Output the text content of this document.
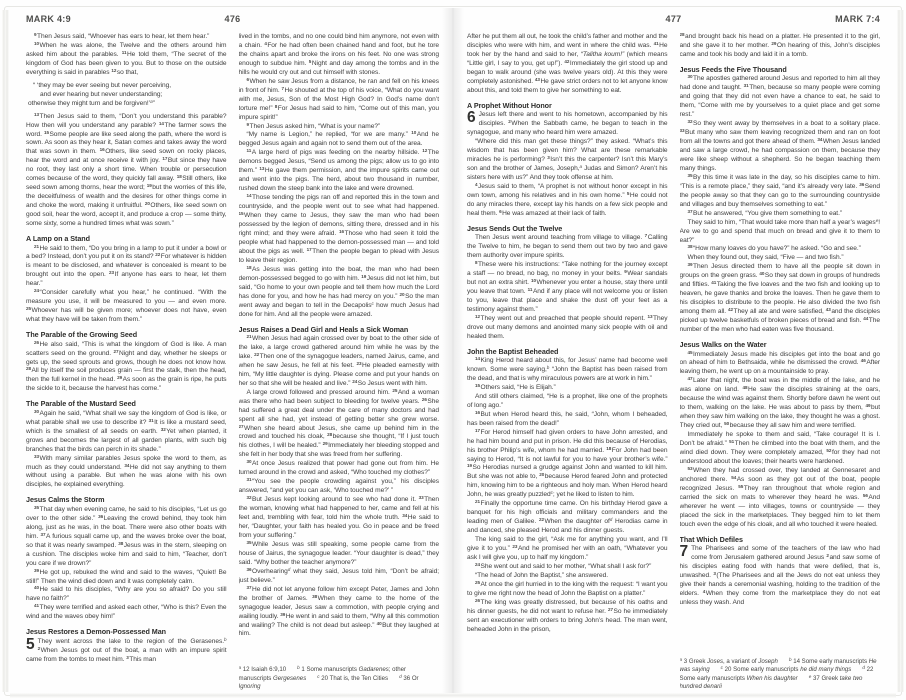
MARK 4:9	476

$^9$Then Jesus said, “Whoever has ears to hear, let them hear.”

$^{10}$When he was alone, the Twelve and the others around him asked him about the parables. $^{11}$He told them, “The secret of the kingdom of God has been given to you. But to those on the outside everything is said in parables $^{12}$so that,

“ ‘they may be ever seeing but never perceiving,
and ever hearing but never understanding;
otherwise they might turn and be forgiven!’$^a$”

$^{13}$Then Jesus said to them, “Don’t you understand this parable? How then will you understand any parable? $^{14}$The farmer sows the word. $^{15}$Some people are like seed along the path, where the word is sown. As soon as they hear it, Satan comes and takes away the word that was sown in them. $^{16}$Others, like seed sown on rocky places, hear the word and at once receive it with joy. $^{17}$But since they have no root, they last only a short time. When trouble or persecution comes because of the word, they quickly fall away. $^{18}$Still others, like seed sown among thorns, hear the word; $^{19}$but the worries of this life, the deceitfulness of wealth and the desires for other things come in and choke the word, making it unfruitful. $^{20}$Others, like seed sown on good soil, hear the word, accept it, and produce a crop — some thirty, some sixty, some a hundred times what was sown.”

A Lamp on a Stand

$^{21}$He said to them, “Do you bring in a lamp to put it under a bowl or a bed? Instead, don’t you put it on its stand? $^{22}$For whatever is hidden is meant to be disclosed, and whatever is concealed is meant to be brought out into the open. $^{23}$If anyone has ears to hear, let them hear.”

$^{24}$“Consider carefully what you hear,” he continued. “With the measure you use, it will be measured to you — and even more. $^{25}$Whoever has will be given more; whoever does not have, even what they have will be taken from them.”

The Parable of the Growing Seed

$^{26}$He also said, “This is what the kingdom of God is like. A man scatters seed on the ground. $^{27}$Night and day, whether he sleeps or gets up, the seed sprouts and grows, though he does not know how. $^{28}$All by itself the soil produces grain — first the stalk, then the head, then the full kernel in the head. $^{29}$As soon as the grain is ripe, he puts the sickle to it, because the harvest has come.”

The Parable of the Mustard Seed

$^{30}$Again he said, “What shall we say the kingdom of God is like, or what parable shall we use to describe it? $^{31}$It is like a mustard seed, which is the smallest of all seeds on earth. $^{32}$Yet when planted, it grows and becomes the largest of all garden plants, with such big branches that the birds can perch in its shade.”

$^{33}$With many similar parables Jesus spoke the word to them, as much as they could understand. $^{34}$He did not say anything to them without using a parable. But when he was alone with his own disciples, he explained everything.

Jesus Calms the Storm

$^{35}$That day when evening came, he said to his disciples, “Let us go over to the other side.” $^{36}$Leaving the crowd behind, they took him along, just as he was, in the boat. There were also other boats with him. $^{37}$A furious squall came up, and the waves broke over the boat, so that it was nearly swamped. $^{38}$Jesus was in the stern, sleeping on a cushion. The disciples woke him and said to him, “Teacher, don’t you care if we drown?”

$^{39}$He got up, rebuked the wind and said to the waves, “Quiet! Be still!” Then the wind died down and it was completely calm.

$^{40}$He said to his disciples, “Why are you so afraid? Do you still have no faith?”

$^{41}$They were terrified and asked each other, “Who is this? Even the wind and the waves obey him!”

Jesus Restores a Demon-Possessed Man

5 They went across the lake to the region of the Gerasenes.$^b$ $^2$When Jesus got out of the boat, a man with an impure spirit came from the tombs to meet him. $^3$This man

lived in the tombs, and no one could bind him anymore, not even with a chain. $^4$For he had often been chained hand and foot, but he tore the chains apart and broke the irons on his feet. No one was strong enough to subdue him. $^5$Night and day among the tombs and in the hills he would cry out and cut himself with stones.

$^6$When he saw Jesus from a distance, he ran and fell on his knees in front of him. $^7$He shouted at the top of his voice, “What do you want with me, Jesus, Son of the Most High God? In God’s name don’t torture me!” $^8$For Jesus had said to him, “Come out of this man, you impure spirit!”

$^9$Then Jesus asked him, “What is your name?”

“My name is Legion,” he replied, “for we are many.” $^{10}$And he begged Jesus again and again not to send them out of the area.

$^{11}$A large herd of pigs was feeding on the nearby hillside. $^{12}$The demons begged Jesus, “Send us among the pigs; allow us to go into them.” $^{13}$He gave them permission, and the impure spirits came out and went into the pigs. The herd, about two thousand in number, rushed down the steep bank into the lake and were drowned.

$^{14}$Those tending the pigs ran off and reported this in the town and countryside, and the people went out to see what had happened. $^{15}$When they came to Jesus, they saw the man who had been possessed by the legion of demons, sitting there, dressed and in his right mind; and they were afraid. $^{16}$Those who had seen it told the people what had happened to the demon-possessed man — and told about the pigs as well. $^{17}$Then the people began to plead with Jesus to leave their region.

$^{18}$As Jesus was getting into the boat, the man who had been demon-possessed begged to go with him. $^{19}$Jesus did not let him, but said, “Go home to your own people and tell them how much the Lord has done for you, and how he has had mercy on you.” $^{20}$So the man went away and began to tell in the Decapolis$^c$ how much Jesus had done for him. And all the people were amazed.

Jesus Raises a Dead Girl and Heals a Sick Woman

$^{21}$When Jesus had again crossed over by boat to the other side of the lake, a large crowd gathered around him while he was by the lake. $^{22}$Then one of the synagogue leaders, named Jairus, came, and when he saw Jesus, he fell at his feet. $^{23}$He pleaded earnestly with him, “My little daughter is dying. Please come and put your hands on her so that she will be healed and live.” $^{24}$So Jesus went with him.

A large crowd followed and pressed around him. $^{25}$And a woman was there who had been subject to bleeding for twelve years. $^{26}$She had suffered a great deal under the care of many doctors and had spent all she had, yet instead of getting better she grew worse. $^{27}$When she heard about Jesus, she came up behind him in the crowd and touched his cloak, $^{28}$because she thought, “If I just touch his clothes, I will be healed.” $^{29}$Immediately her bleeding stopped and she felt in her body that she was freed from her suffering.

$^{30}$At once Jesus realized that power had gone out from him. He turned around in the crowd and asked, “Who touched my clothes?”

$^{31}$“You see the people crowding against you,” his disciples answered, “and yet you can ask, ‘Who touched me?’ ”

$^{32}$But Jesus kept looking around to see who had done it. $^{33}$Then the woman, knowing what had happened to her, came and fell at his feet and, trembling with fear, told him the whole truth. $^{34}$He said to her, “Daughter, your faith has healed you. Go in peace and be freed from your suffering.”

$^{35}$While Jesus was still speaking, some people came from the house of Jairus, the synagogue leader. “Your daughter is dead,” they said. “Why bother the teacher anymore?”

$^{36}$Overhearing$^d$ what they said, Jesus told him, “Don’t be afraid; just believe.”

$^{37}$He did not let anyone follow him except Peter, James and John the brother of James. $^{38}$When they came to the home of the synagogue leader, Jesus saw a commotion, with people crying and wailing loudly. $^{39}$He went in and said to them, “Why all this commotion and wailing? The child is not dead but asleep.” $^{40}$But they laughed at him.

$^a$ 12 Isaiah 6:9,10 $^b$ 1 Some manuscripts Gadarenes; other manuscripts Gergesenes $^c$ 20 That is, the Ten Cities $^d$ 36 Or Ignoring
477	MARK 7:4

After he put them all out, he took the child’s father and mother and the disciples who were with him, and went in where the child was. $^{41}$He took her by the hand and said to her, “Talitha koum!” (which means “Little girl, I say to you, get up!”). $^{42}$Immediately the girl stood up and began to walk around (she was twelve years old). At this they were completely astonished. $^{43}$He gave strict orders not to let anyone know about this, and told them to give her something to eat.

A Prophet Without Honor

6 Jesus left there and went to his hometown, accompanied by his disciples. $^2$When the Sabbath came, he began to teach in the synagogue, and many who heard him were amazed.

“Where did this man get these things?” they asked. “What’s this wisdom that has been given him? What are these remarkable miracles he is performing? $^3$Isn’t this the carpenter? Isn’t this Mary’s son and the brother of James, Joseph,$^a$ Judas and Simon? Aren’t his sisters here with us?” And they took offense at him.

$^4$Jesus said to them, “A prophet is not without honor except in his own town, among his relatives and in his own home.” $^5$He could not do any miracles there, except lay his hands on a few sick people and heal them. $^6$He was amazed at their lack of faith.

Jesus Sends Out the Twelve

Then Jesus went around teaching from village to village. $^7$Calling the Twelve to him, he began to send them out two by two and gave them authority over impure spirits.

$^8$These were his instructions: “Take nothing for the journey except a staff — no bread, no bag, no money in your belts. $^9$Wear sandals but not an extra shirt. $^{10}$Whenever you enter a house, stay there until you leave that town. $^{11}$And if any place will not welcome you or listen to you, leave that place and shake the dust off your feet as a testimony against them.”

$^{12}$They went out and preached that people should repent. $^{13}$They drove out many demons and anointed many sick people with oil and healed them.

John the Baptist Beheaded

$^{14}$King Herod heard about this, for Jesus’ name had become well known. Some were saying,$^b$ “John the Baptist has been raised from the dead, and that is why miraculous powers are at work in him.”

$^{15}$Others said, “He is Elijah.”

And still others claimed, “He is a prophet, like one of the prophets of long ago.”

$^{16}$But when Herod heard this, he said, “John, whom I beheaded, has been raised from the dead!”

$^{17}$For Herod himself had given orders to have John arrested, and he had him bound and put in prison. He did this because of Herodias, his brother Philip’s wife, whom he had married. $^{18}$For John had been saying to Herod, “It is not lawful for you to have your brother’s wife.” $^{19}$So Herodias nursed a grudge against John and wanted to kill him. But she was not able to, $^{20}$because Herod feared John and protected him, knowing him to be a righteous and holy man. When Herod heard John, he was greatly puzzled$^c$; yet he liked to listen to him.

$^{21}$Finally the opportune time came. On his birthday Herod gave a banquet for his high officials and military commanders and the leading men of Galilee. $^{22}$When the daughter of$^d$ Herodias came in and danced, she pleased Herod and his dinner guests.

The king said to the girl, “Ask me for anything you want, and I’ll give it to you.” $^{23}$And he promised her with an oath, “Whatever you ask I will give you, up to half my kingdom.”

$^{24}$She went out and said to her mother, “What shall I ask for?”

“The head of John the Baptist,” she answered.

$^{25}$At once the girl hurried in to the king with the request: “I want you to give me right now the head of John the Baptist on a platter.”

$^{26}$The king was greatly distressed, but because of his oaths and his dinner guests, he did not want to refuse her. $^{27}$So he immediately sent an executioner with orders to bring John’s head. The man went, beheaded John in the prison,

$^{28}$and brought back his head on a platter. He presented it to the girl, and she gave it to her mother. $^{29}$On hearing of this, John’s disciples came and took his body and laid it in a tomb.

Jesus Feeds the Five Thousand

$^{30}$The apostles gathered around Jesus and reported to him all they had done and taught. $^{31}$Then, because so many people were coming and going that they did not even have a chance to eat, he said to them, “Come with me by yourselves to a quiet place and get some rest.”

$^{32}$So they went away by themselves in a boat to a solitary place. $^{33}$But many who saw them leaving recognized them and ran on foot from all the towns and got there ahead of them. $^{34}$When Jesus landed and saw a large crowd, he had compassion on them, because they were like sheep without a shepherd. So he began teaching them many things.

$^{35}$By this time it was late in the day, so his disciples came to him. “This is a remote place,” they said, “and it’s already very late. $^{36}$Send the people away so that they can go to the surrounding countryside and villages and buy themselves something to eat.”

$^{37}$But he answered, “You give them something to eat.”

They said to him, “That would take more than half a year’s wages$^e$! Are we to go and spend that much on bread and give it to them to eat?”

$^{38}$“How many loaves do you have?” he asked. “Go and see.”

When they found out, they said, “Five — and two fish.”

$^{39}$Then Jesus directed them to have all the people sit down in groups on the green grass. $^{40}$So they sat down in groups of hundreds and fifties. $^{41}$Taking the five loaves and the two fish and looking up to heaven, he gave thanks and broke the loaves. Then he gave them to his disciples to distribute to the people. He also divided the two fish among them all. $^{42}$They all ate and were satisfied, $^{43}$and the disciples picked up twelve basketfuls of broken pieces of bread and fish. $^{44}$The number of the men who had eaten was five thousand.

Jesus Walks on the Water

$^{45}$Immediately Jesus made his disciples get into the boat and go on ahead of him to Bethsaida, while he dismissed the crowd. $^{46}$After leaving them, he went up on a mountainside to pray.

$^{47}$Later that night, the boat was in the middle of the lake, and he was alone on land. $^{48}$He saw the disciples straining at the oars, because the wind was against them. Shortly before dawn he went out to them, walking on the lake. He was about to pass by them, $^{49}$but when they saw him walking on the lake, they thought he was a ghost. They cried out, $^{50}$because they all saw him and were terrified.

Immediately he spoke to them and said, “Take courage! It is I. Don’t be afraid.” $^{51}$Then he climbed into the boat with them, and the wind died down. They were completely amazed, $^{52}$for they had not understood about the loaves; their hearts were hardened.

$^{53}$When they had crossed over, they landed at Gennesaret and anchored there. $^{54}$As soon as they got out of the boat, people recognized Jesus. $^{55}$They ran throughout that whole region and carried the sick on mats to wherever they heard he was. $^{56}$And wherever he went — into villages, towns or countryside — they placed the sick in the marketplaces. They begged him to let them touch even the edge of his cloak, and all who touched it were healed.

That Which Defiles

7 The Pharisees and some of the teachers of the law who had come from Jerusalem gathered around Jesus $^2$and saw some of his disciples eating food with hands that were defiled, that is, unwashed. $^3$(The Pharisees and all the Jews do not eat unless they give their hands a ceremonial washing, holding to the tradition of the elders. $^4$When they come from the marketplace they do not eat unless they wash. And

$^a$ 3 Greek Joses, a variant of Joseph $^b$ 14 Some early manuscripts He was saying $^c$ 20 Some early manuscripts he did many things $^d$ 22 Some early manuscripts When his daughter $^e$ 37 Greek take two hundred denarii
